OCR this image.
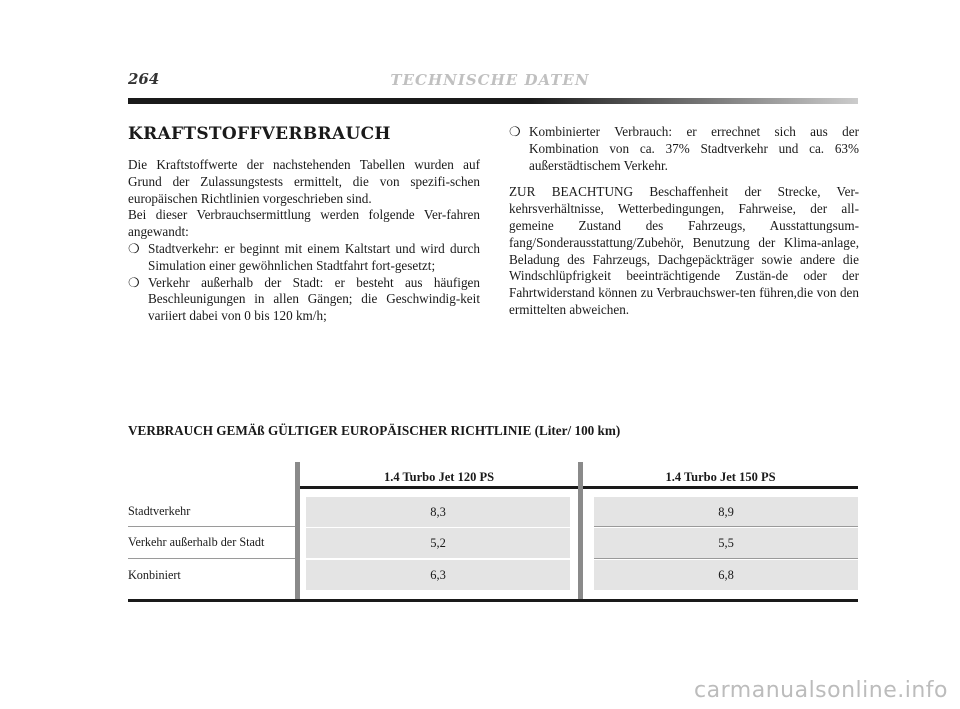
264	TECHNISCHE DATEN
KRAFTSTOFFVERBRAUCH

Die Kraftstoffwerte der nachstehenden Tabellen wurden auf Grund der Zulassungstests ermittelt, die von spezifi-schen europäischen Richtlinien vorgeschrieben sind.

Bei dieser Verbrauchsermittlung werden folgende Ver-fahren angewandt:

❍ Stadtverkehr: er beginnt mit einem Kaltstart und wird durch Simulation einer gewöhnlichen Stadtfahrt fort-gesetzt;
❍ Verkehr außerhalb der Stadt: er besteht aus häufigen Beschleunigungen in allen Gängen; die Geschwindig-keit variiert dabei von 0 bis 120 km/h;
❍ Kombinierter Verbrauch: er errechnet sich aus der Kombination von ca. 37% Stadtverkehr und ca. 63% außerstädtischem Verkehr.

ZUR BEACHTUNG Beschaffenheit der Strecke, Ver-kehrsverhältnisse, Wetterbedingungen, Fahrweise, der all-gemeine Zustand des Fahrzeugs, Ausstattungsum-fang/Sonderausstattung/Zubehör, Benutzung der Klima-anlage, Beladung des Fahrzeugs, Dachgepäckträger sowie andere die Windschlüpfrigkeit beeinträchtigende Zustän-de oder der Fahrtwiderstand können zu Verbrauchswer-ten führen,die von den ermittelten abweichen.

VERBRAUCH GEMÄß GÜLTIGER EUROPÄISCHER RICHTLINIE (Liter/ 100 km)
1.4 Turbo Jet 120 PS	1.4 Turbo Jet 150 PS
Stadtverkehr	8,3	8,9
Verkehr außerhalb der Stadt	5,2	5,5
Konbiniert	6,3	6,8
carmanualsonline.info
